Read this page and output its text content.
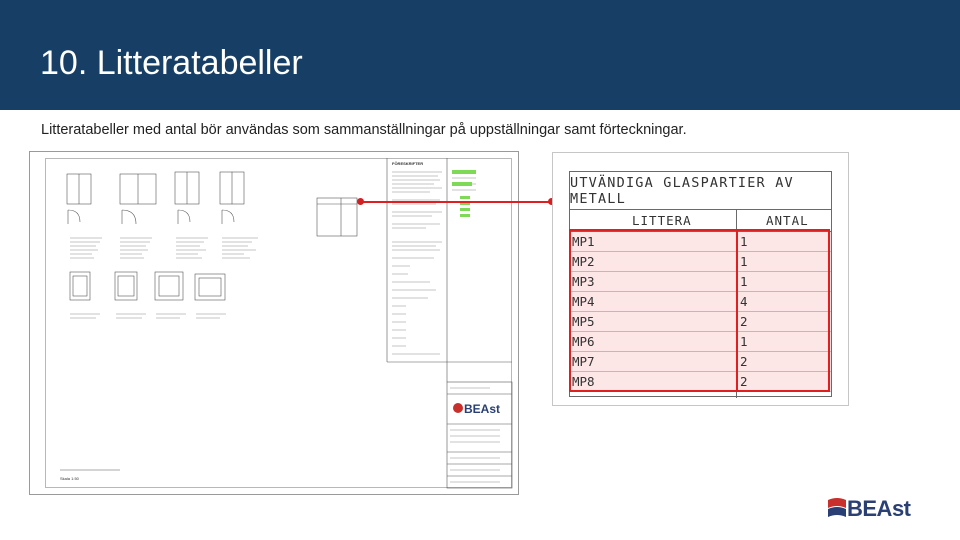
10. Litteratabeller
Litteratabeller med antal bör användas som sammanställningar på uppställningar samt förteckningar.
BEAst
FÖRESKRIFTER
Skala 1:50
UTVÄNDIGA GLASPARTIER AV METALL
LITTERA	ANTAL
MP1	1
MP2	1
MP3	1
MP4	4
MP5	2
MP6	1
MP7	2
MP8	2
BEAst
